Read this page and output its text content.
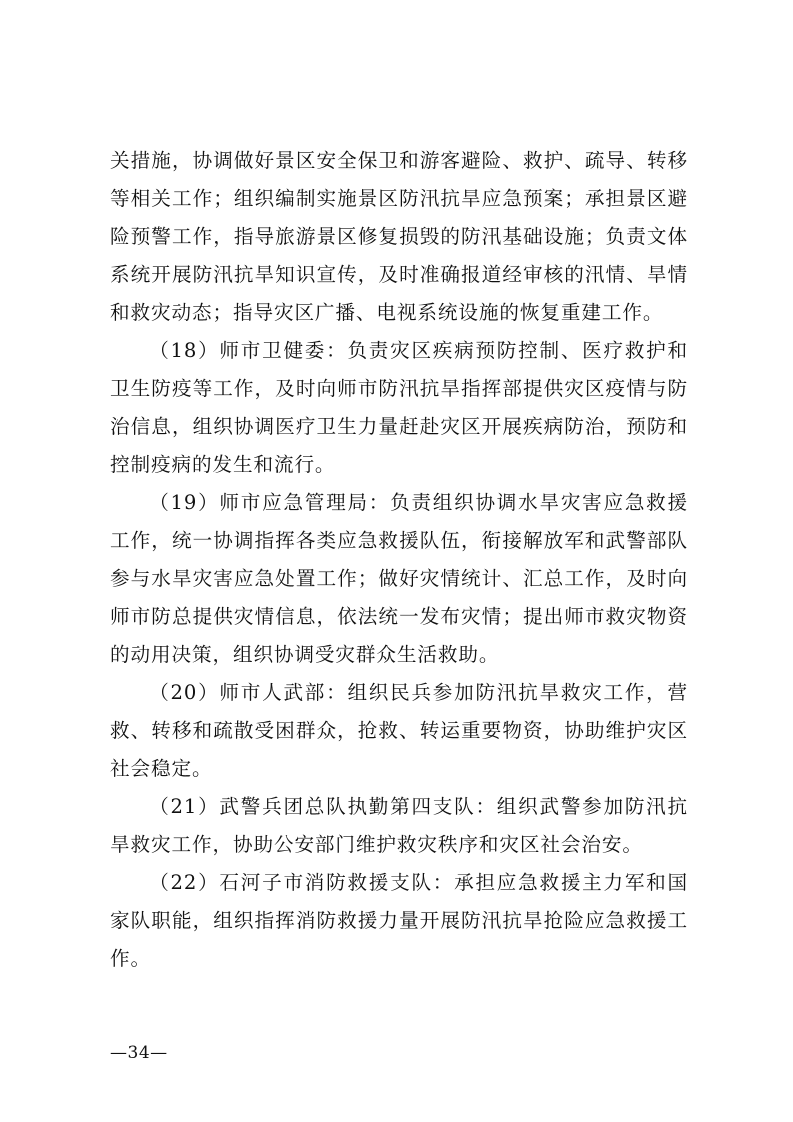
关措施，协调做好景区安全保卫和游客避险、救护、疏导、转移等相关工作；组织编制实施景区防汛抗旱应急预案；承担景区避险预警工作，指导旅游景区修复损毁的防汛基础设施；负责文体系统开展防汛抗旱知识宣传，及时准确报道经审核的汛情、旱情和救灾动态；指导灾区广播、电视系统设施的恢复重建工作。

（18）师市卫健委：负责灾区疾病预防控制、医疗救护和卫生防疫等工作，及时向师市防汛抗旱指挥部提供灾区疫情与防治信息，组织协调医疗卫生力量赶赴灾区开展疾病防治，预防和控制疫病的发生和流行。

（19）师市应急管理局：负责组织协调水旱灾害应急救援工作，统一协调指挥各类应急救援队伍，衔接解放军和武警部队参与水旱灾害应急处置工作；做好灾情统计、汇总工作，及时向师市防总提供灾情信息，依法统一发布灾情；提出师市救灾物资的动用决策，组织协调受灾群众生活救助。

（20）师市人武部：组织民兵参加防汛抗旱救灾工作，营救、转移和疏散受困群众，抢救、转运重要物资，协助维护灾区社会稳定。

（21）武警兵团总队执勤第四支队：组织武警参加防汛抗旱救灾工作，协助公安部门维护救灾秩序和灾区社会治安。

（22）石河子市消防救援支队：承担应急救援主力军和国家队职能，组织指挥消防救援力量开展防汛抗旱抢险应急救援工作。

—34—
